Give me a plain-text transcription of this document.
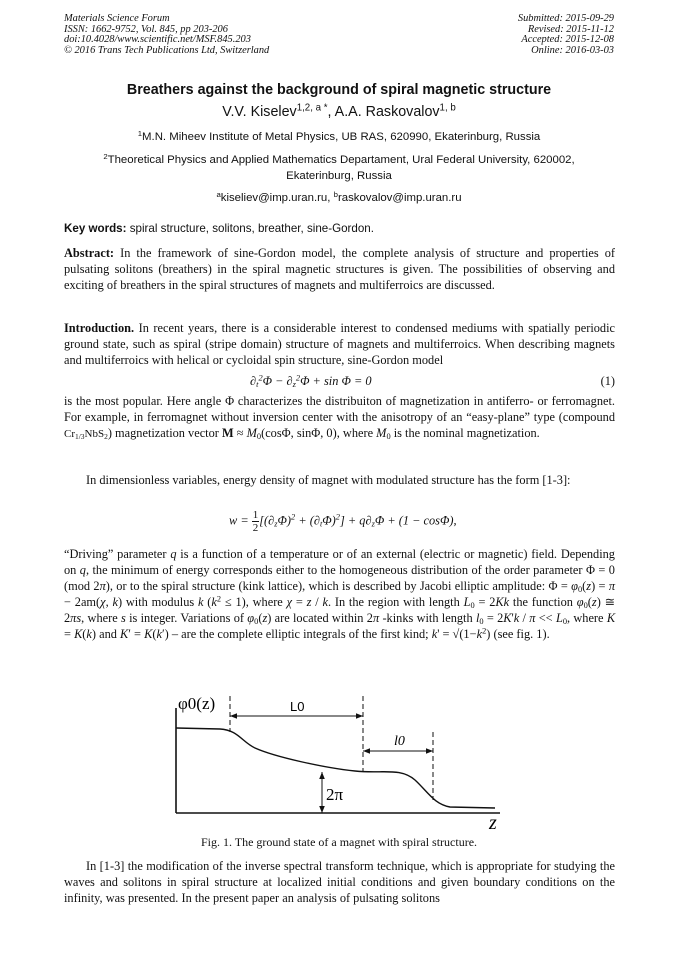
Materials Science Forum
ISSN: 1662-9752, Vol. 845, pp 203-206
doi:10.4028/www.scientific.net/MSF.845.203
© 2016 Trans Tech Publications Ltd, Switzerland
Submitted: 2015-09-29
Revised: 2015-11-12
Accepted: 2015-12-08
Online: 2016-03-03
Breathers against the background of spiral magnetic structure
V.V. Kiselev$^{1,2, a *}$, A.A. Raskovalov$^{1, b}$
$^1$M.N. Miheev Institute of Metal Physics, UB RAS, 620990, Ekaterinburg, Russia
$^2$Theoretical Physics and Applied Mathematics Departament, Ural Federal University, 620002, Ekaterinburg, Russia
$^a$kiseliev@imp.uran.ru, $^b$raskovalov@imp.uran.ru
Key words: spiral structure, solitons, breather, sine-Gordon.
Abstract: In the framework of sine-Gordon model, the complete analysis of structure and properties of pulsating solitons (breathers) in the spiral magnetic structures is given. The possibilities of observing and exciting of breathers in the spiral structures of magnets and multiferroics are discussed.
Introduction. In recent years, there is a considerable interest to condensed mediums with spatially periodic ground state, such as spiral (stripe domain) structure of magnets and multiferroics. When describing magnets and multiferroics with helical or cycloidal spin structure, sine-Gordon model
$\partial_t^2\Phi - \partial_z^2\Phi + \sin \Phi = 0$	(1)
is the most popular. Here angle Φ characterizes the distribuiton of magnetization in antiferro- or ferromagnet. For example, in ferromagnet without inversion center with the anisotropy of an “easy-plane” type (compound $Cr_{1/3}NbS_2$) magnetization vector $M \approx M_0(\cos\Phi$, sinΦ, 0), where $M_0$ is the nominal magnetization.
In dimensionless variables, energy density of magnet with modulated structure has the form [1-3]:
$w = \frac{1}{2} [(\partial_z\Phi)^2 + (\partial_t\Phi)^2] + q\partial_z\Phi + (1 - \cos\Phi)$,
“Driving” parameter q is a function of a temperature or of an external (electric or magnetic) field. Depending on q, the minimum of energy corresponds either to the homogeneous distribution of the order parameter Φ = 0 (mod 2π), or to the spiral structure (kink lattice), which is described by Jacobi elliptic amplitude: $\Phi = \varphi_0(z) = \pi - 2am(\chi$, k) with modulus k $(k^2 \le 1)$, where χ = z / k. In the region with length $L_0 = 2Kk$ the function $\varphi_0(z)$ ≅ 2πs, where s is integer. Variations of $\varphi_0(z)$ are located within 2π -kinks with length $l_0 = 2K'k / \pi << L_0$, where K = K(k) and K′ = K(k′) – are the complete elliptic integrals of the first kind; $k' = √(1-k^2)$ (see fig. 1).
φ0(z)
z
L0
l0
2π
Fig. 1. The ground state of a magnet with spiral structure.
In [1-3] the modification of the inverse spectral transform technique, which is appropriate for studying the waves and solitons in spiral structure at localized initial conditions and given boundary conditions on the infinity, was presented. In the present paper an analysis of pulsating solitons
